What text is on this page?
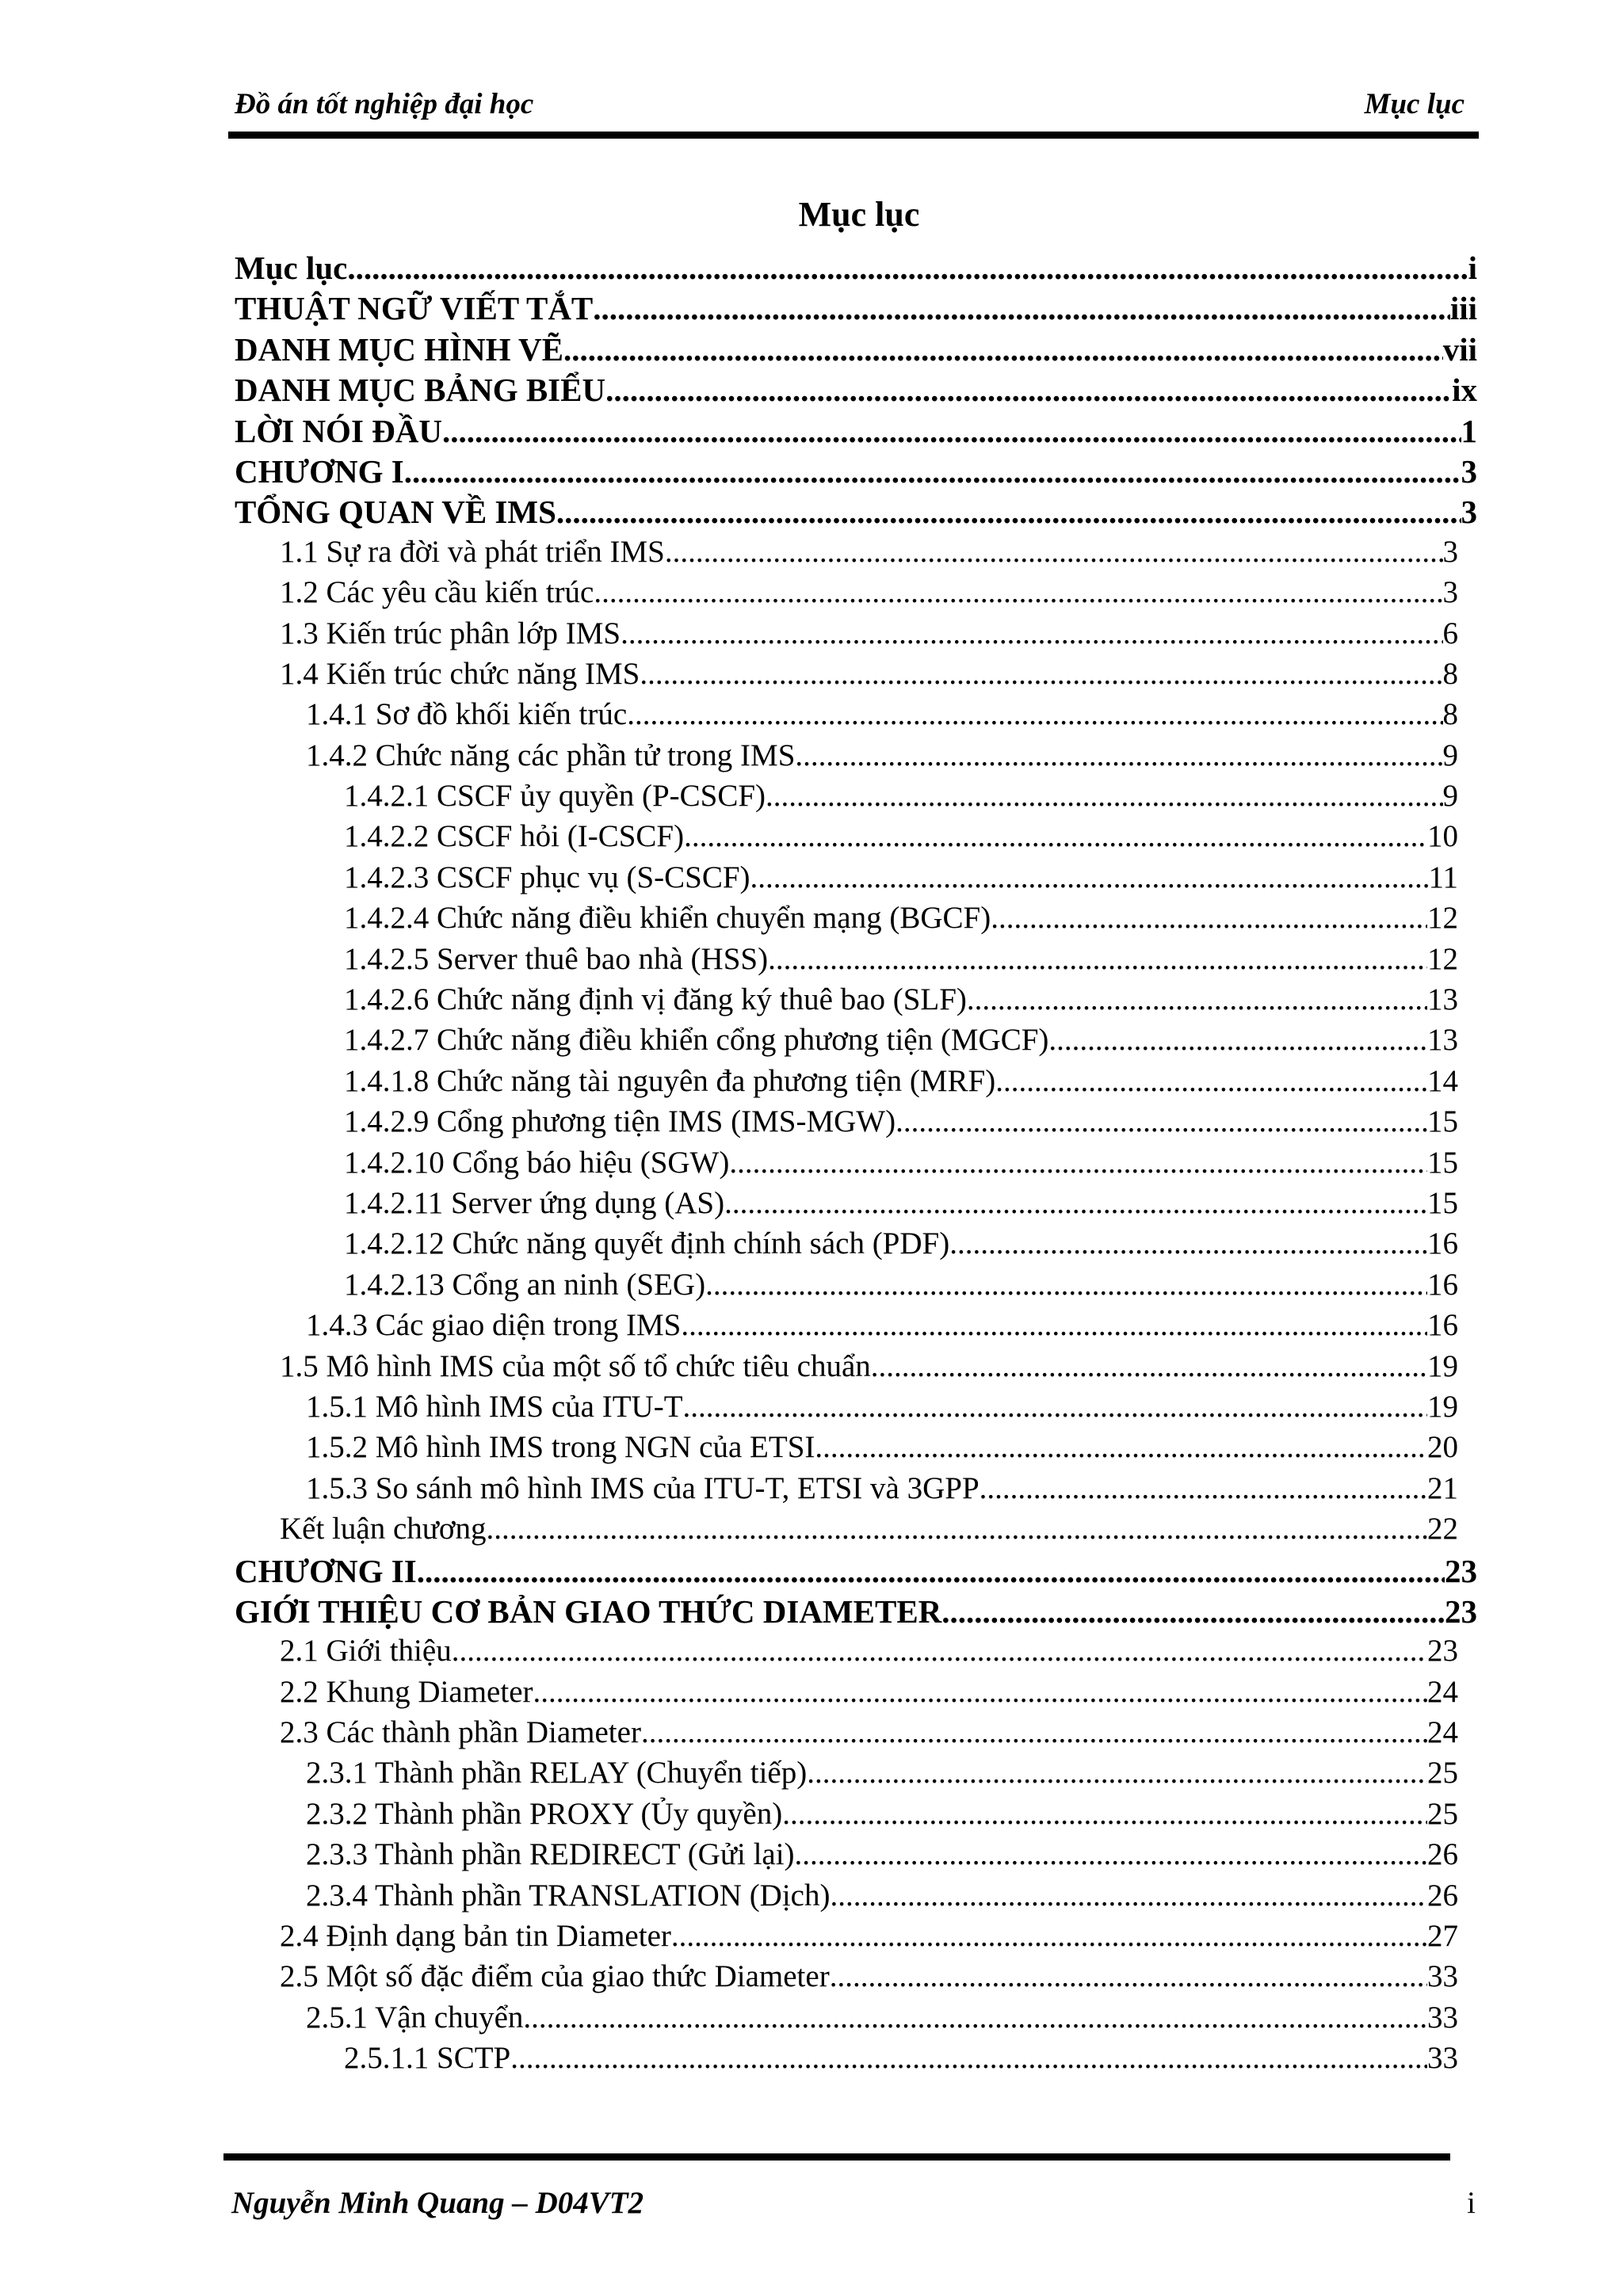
Đồ án tốt nghiệp đại học	Mục lục
Mục lục
Mục lục .....	i
THUẬT NGỮ VIẾT TẮT .....	iii
DANH MỤC HÌNH VẼ .....	vii
DANH MỤC BẢNG BIỂU .....	ix
LỜI NÓI ĐẦU .....	1
CHƯƠNG I .....	3
TỔNG QUAN VỀ IMS .....	3
1.1 Sự ra đời và phát triển IMS .....	3
1.2 Các yêu cầu kiến trúc .....	3
1.3 Kiến trúc phân lớp IMS .....	6
1.4 Kiến trúc chức năng IMS .....	8
1.4.1 Sơ đồ khối kiến trúc .....	8
1.4.2 Chức năng các phần tử trong IMS .....	9
1.4.2.1 CSCF ủy quyền (P-CSCF) .....	9
1.4.2.2 CSCF hỏi (I-CSCF) .....	10
1.4.2.3 CSCF phục vụ (S-CSCF) .....	11
1.4.2.4 Chức năng điều khiển chuyển mạng (BGCF) .....	12
1.4.2.5 Server thuê bao nhà (HSS) .....	12
1.4.2.6 Chức năng định vị đăng ký thuê bao (SLF) .....	13
1.4.2.7 Chức năng điều khiển cổng phương tiện (MGCF) .....	13
1.4.1.8 Chức năng tài nguyên đa phương tiện (MRF) .....	14
1.4.2.9 Cổng phương tiện IMS (IMS-MGW) .....	15
1.4.2.10 Cổng báo hiệu (SGW) .....	15
1.4.2.11 Server ứng dụng (AS) .....	15
1.4.2.12 Chức năng quyết định chính sách (PDF) .....	16
1.4.2.13 Cổng an ninh (SEG) .....	16
1.4.3 Các giao diện trong IMS .....	16
1.5 Mô hình IMS của một số tổ chức tiêu chuẩn .....	19
1.5.1 Mô hình IMS của ITU-T .....	19
1.5.2 Mô hình IMS trong NGN của ETSI .....	20
1.5.3 So sánh mô hình IMS của ITU-T, ETSI và 3GPP .....	21
Kết luận chương .....	22
CHƯƠNG II .....	23
GIỚI THIỆU CƠ BẢN GIAO THỨC DIAMETER .....	23
2.1 Giới thiệu .....	23
2.2 Khung Diameter .....	24
2.3 Các thành phần Diameter .....	24
2.3.1 Thành phần RELAY (Chuyển tiếp) .....	25
2.3.2 Thành phần PROXY (Ủy quyền) .....	25
2.3.3 Thành phần REDIRECT (Gửi lại) .....	26
2.3.4 Thành phần TRANSLATION (Dịch) .....	26
2.4 Định dạng bản tin Diameter .....	27
2.5 Một số đặc điểm của giao thức Diameter .....	33
2.5.1 Vận chuyển .....	33
2.5.1.1 SCTP .....	33
Nguyễn Minh Quang – D04VT2	i
